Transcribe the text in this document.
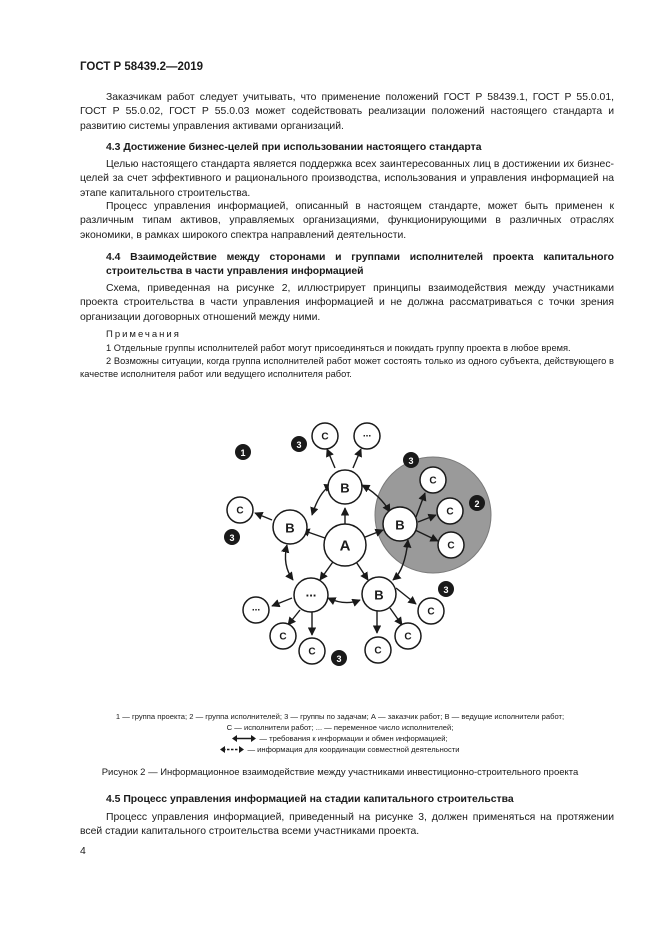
ГОСТ Р 58439.2—2019

Заказчикам работ следует учитывать, что применение положений ГОСТ Р 58439.1, ГОСТ Р 55.0.01, ГОСТ Р 55.0.02, ГОСТ Р 55.0.03 может содействовать реализации положений настоящего стандарта и развитию системы управления активами организаций.

4.3 Достижение бизнес-целей при использовании настоящего стандарта

Целью настоящего стандарта является поддержка всех заинтересованных лиц в достижении их бизнес-целей за счет эффективного и рационального производства, использования и управления информацией на этапе капитального строительства.

Процесс управления информацией, описанный в настоящем стандарте, может быть применен к различным типам активов, управляемых организациями, функционирующими в различных отраслях экономики, в рамках широкого спектра направлений деятельности.

4.4 Взаимодействие между сторонами и группами исполнителей проекта капитального строительства в части управления информацией

Схема, приведенная на рисунке 2, иллюстрирует принципы взаимодействия между участниками проекта строительства в части управления информацией и не должна рассматриваться с точки зрения организации договорных отношений между ними.

Примечания

1 Отдельные группы исполнителей работ могут присоединяться и покидать группу проекта в любое время.

2 Возможны ситуации, когда группа исполнителей работ может состоять только из одного субъекта, действующего в качестве исполнителя работ или ведущего исполнителя работ.

А
В
В	В
В
...
С	...
С
С
С
С
...
С
С
С
С
С
1
3
3
2
3
3
3

1 — группа проекта; 2 — группа исполнителей; 3 — группы по задачам; А — заказчик работ; В — ведущие исполнители работ;

С — исполнители работ; ... — переменное число исполнителей;

— требования к информации и обмен информацией;

— информация для координации совместной деятельности

Рисунок 2 — Информационное взаимодействие между участниками инвестиционно-строительного проекта

4.5 Процесс управления информацией на стадии капитального строительства

Процесс управления информацией, приведенный на рисунке 3, должен применяться на протяжении всей стадии капитального строительства всеми участниками проекта.

4
